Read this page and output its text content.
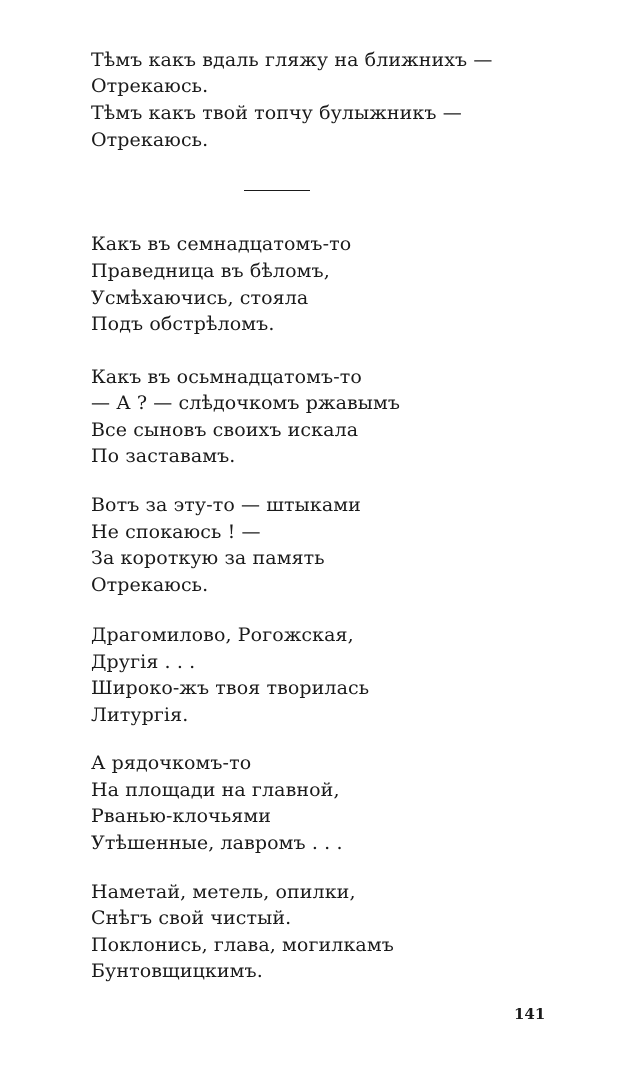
Тѣмъ какъ вдаль гляжу на ближнихъ —
Отрекаюсь.
Тѣмъ какъ твой топчу булыжникъ —
Отрекаюсь.
Какъ въ семнадцатомъ-то
Праведница въ бѣломъ,
Усмѣхаючись, стояла
Подъ обстрѣломъ.
Какъ въ осьмнадцатомъ-то
— А ? — слѣдочкомъ ржавымъ
Все сыновъ своихъ искала
По заставамъ.
Вотъ за эту-то — штыками
Не спокаюсь ! —
За короткую за память
Отрекаюсь.
Драгомилово, Рогожская,
Другія . . .
Широко-жъ твоя творилась
Литургія.
А рядочкомъ-то
На площади на главной,
Рванью-клочьями
Утѣшенные, лавромъ . . .
Наметай, метель, опилки,
Снѣгъ свой чистый.
Поклонись, глава, могилкамъ
Бунтовщицкимъ.
141
